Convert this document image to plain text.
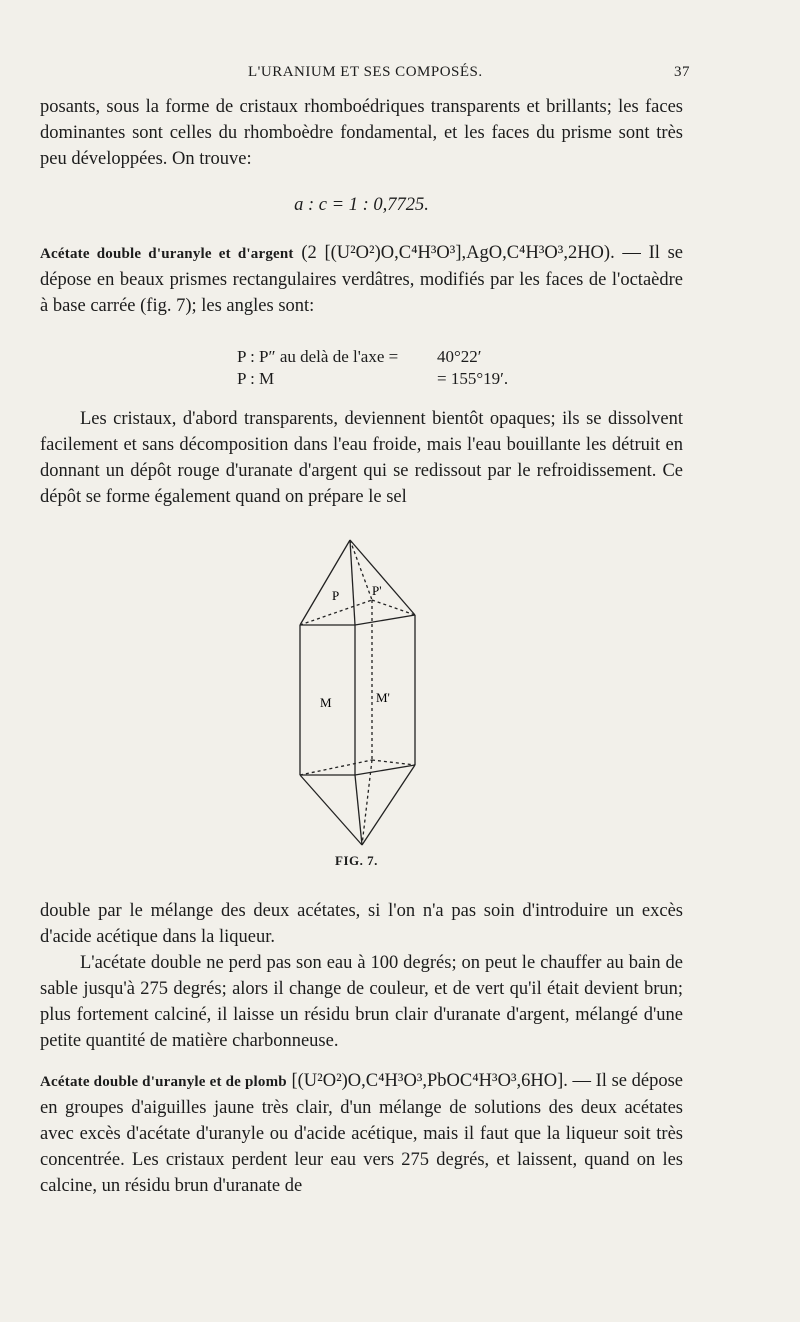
L'URANIUM ET SES COMPOSÉS.	37
posants, sous la forme de cristaux rhomboédriques transparents et brillants; les faces dominantes sont celles du rhomboèdre fondamental, et les faces du prisme sont très peu développées. On trouve:
a : c = 1 : 0,7725.
Acétate double d'uranyle et d'argent (2 [(U²O²)O,C⁴H³O³],AgO,C⁴H³O³,2HO). — Il se dépose en beaux prismes rectangulaires verdâtres, modifiés par les faces de l'octaèdre à base carrée (fig. 7); les angles sont:
P : P″ au delà de l'axe =	40°22′
P : M	= 155°19′.
Les cristaux, d'abord transparents, deviennent bientôt opaques; ils se dissolvent facilement et sans décomposition dans l'eau froide, mais l'eau bouillante les détruit en donnant un dépôt rouge d'uranate d'argent qui se redissout par le refroidissement. Ce dépôt se forme également quand on prépare le sel
P	P'
M	M'
FIG. 7.
double par le mélange des deux acétates, si l'on n'a pas soin d'introduire un excès d'acide acétique dans la liqueur.
L'acétate double ne perd pas son eau à 100 degrés; on peut le chauffer au bain de sable jusqu'à 275 degrés; alors il change de couleur, et de vert qu'il était devient brun; plus fortement calciné, il laisse un résidu brun clair d'uranate d'argent, mélangé d'une petite quantité de matière charbonneuse.
Acétate double d'uranyle et de plomb [(U²O²)O,C⁴H³O³,PbOC⁴H³O³,6HO]. — Il se dépose en groupes d'aiguilles jaune très clair, d'un mélange de solutions des deux acétates avec excès d'acétate d'uranyle ou d'acide acétique, mais il faut que la liqueur soit très concentrée. Les cristaux perdent leur eau vers 275 degrés, et laissent, quand on les calcine, un résidu brun d'uranate de
